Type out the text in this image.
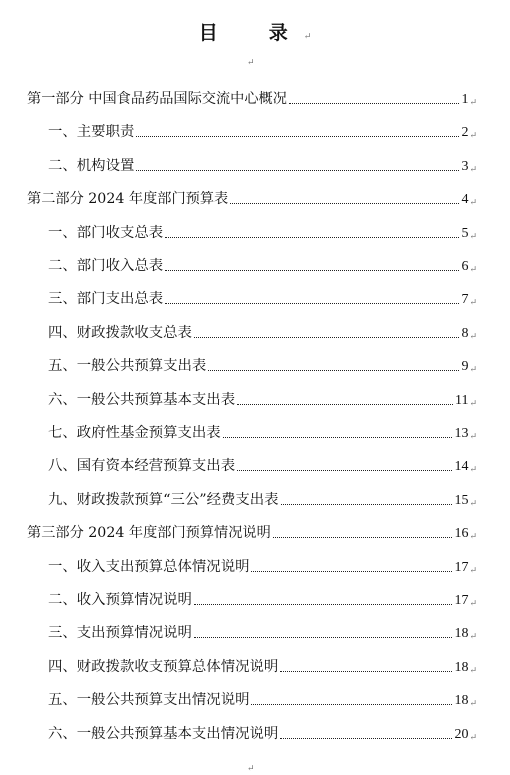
目　录↵
↵
第一部分 中国食品药品国际交流中心概况	1 ↵
一、主要职责	2 ↵
二、机构设置	3 ↵
第二部分 2024 年度部门预算表	4 ↵
一、部门收支总表	5 ↵
二、部门收入总表	6 ↵
三、部门支出总表	7 ↵
四、财政拨款收支总表	8 ↵
五、一般公共预算支出表	9 ↵
六、一般公共预算基本支出表	11 ↵
七、政府性基金预算支出表	13 ↵
八、国有资本经营预算支出表	14 ↵
九、财政拨款预算“三公”经费支出表	15 ↵
第三部分 2024 年度部门预算情况说明	16 ↵
一、收入支出预算总体情况说明	17 ↵
二、收入预算情况说明	17 ↵
三、支出预算情况说明	18 ↵
四、财政拨款收支预算总体情况说明	18 ↵
五、一般公共预算支出情况说明	18 ↵
六、一般公共预算基本支出情况说明	20 ↵
↵
